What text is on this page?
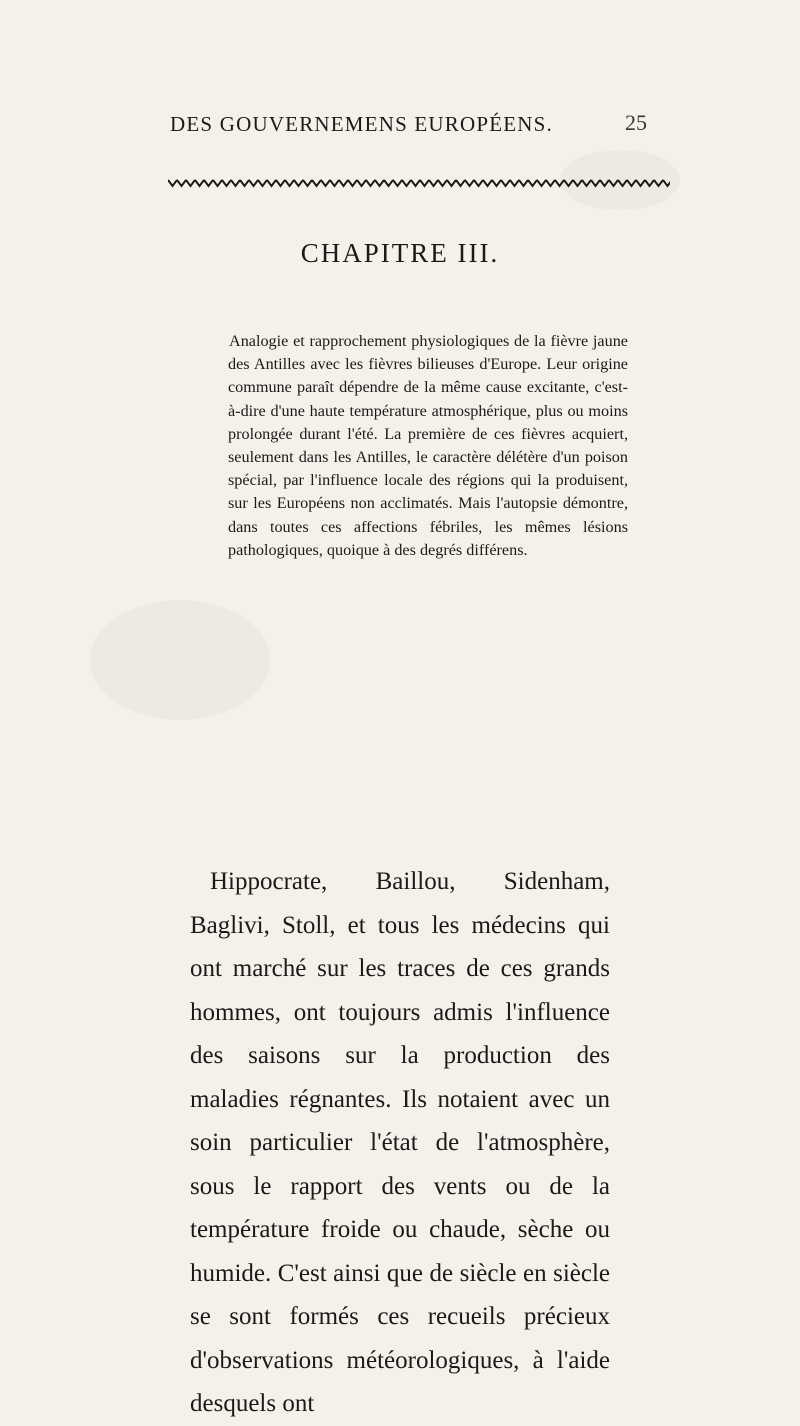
DES GOUVERNEMENS EUROPÉENS.	25
CHAPITRE III.

Analogie et rapprochement physiologiques de la fièvre jaune des Antilles avec les fièvres bilieuses d'Europe. Leur origine commune paraît dépendre de la même cause excitante, c'est-à-dire d'une haute température atmosphérique, plus ou moins prolongée durant l'été. La première de ces fièvres acquiert, seulement dans les Antilles, le caractère délétère d'un poison spécial, par l'influence locale des régions qui la produisent, sur les Européens non acclimatés. Mais l'autopsie démontre, dans toutes ces affections fébriles, les mêmes lésions pathologiques, quoique à des degrés différens.

Hippocrate, Baillou, Sidenham, Baglivi, Stoll, et tous les médecins qui ont marché sur les traces de ces grands hommes, ont toujours admis l'influence des saisons sur la production des maladies régnantes. Ils notaient avec un soin particulier l'état de l'atmosphère, sous le rapport des vents ou de la température froide ou chaude, sèche ou humide. C'est ainsi que de siècle en siècle se sont formés ces recueils précieux d'observations météorologiques, à l'aide desquels ont
